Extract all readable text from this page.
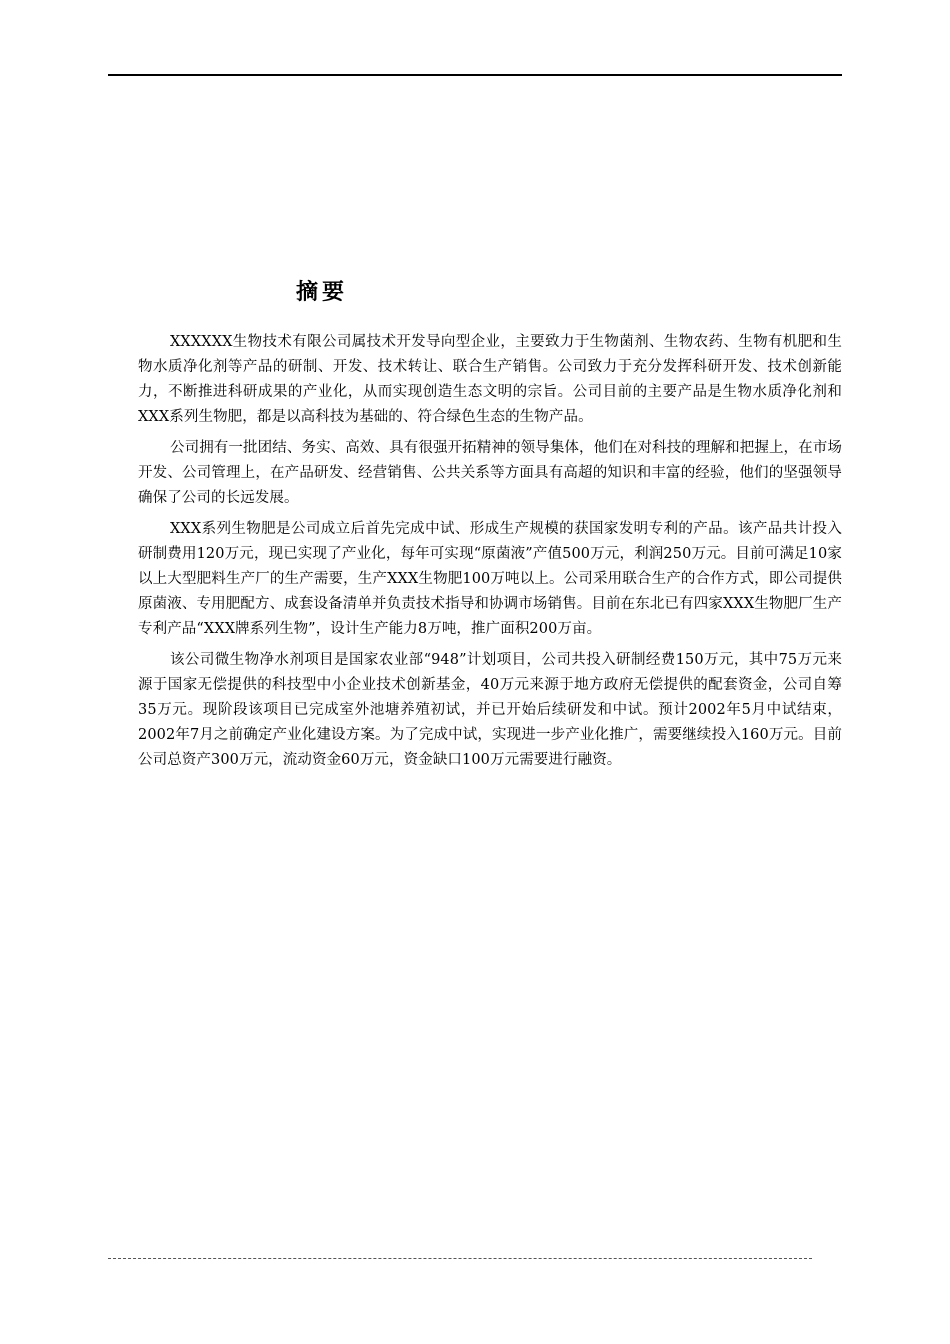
摘要

XXXXXX生物技术有限公司属技术开发导向型企业，主要致力于生物菌剂、生物农药、生物有机肥和生物水质净化剂等产品的研制、开发、技术转让、联合生产销售。公司致力于充分发挥科研开发、技术创新能力，不断推进科研成果的产业化，从而实现创造生态文明的宗旨。公司目前的主要产品是生物水质净化剂和XXX系列生物肥，都是以高科技为基础的、符合绿色生态的生物产品。

公司拥有一批团结、务实、高效、具有很强开拓精神的领导集体，他们在对科技的理解和把握上，在市场开发、公司管理上，在产品研发、经营销售、公共关系等方面具有高超的知识和丰富的经验，他们的坚强领导确保了公司的长远发展。

XXX系列生物肥是公司成立后首先完成中试、形成生产规模的获国家发明专利的产品。该产品共计投入研制费用120万元，现已实现了产业化，每年可实现“原菌液”产值500万元，利润250万元。目前可满足10家以上大型肥料生产厂的生产需要，生产XXX生物肥100万吨以上。公司采用联合生产的合作方式，即公司提供原菌液、专用肥配方、成套设备清单并负责技术指导和协调市场销售。目前在东北已有四家XXX生物肥厂生产专利产品“XXX牌系列生物”，设计生产能力8万吨，推广面积200万亩。

该公司微生物净水剂项目是国家农业部“948”计划项目，公司共投入研制经费150万元，其中75万元来源于国家无偿提供的科技型中小企业技术创新基金，40万元来源于地方政府无偿提供的配套资金，公司自筹35万元。现阶段该项目已完成室外池塘养殖初试，并已开始后续研发和中试。预计2002年5月中试结束，2002年7月之前确定产业化建设方案。为了完成中试，实现进一步产业化推广，需要继续投入160万元。目前公司总资产300万元，流动资金60万元，资金缺口100万元需要进行融资。
